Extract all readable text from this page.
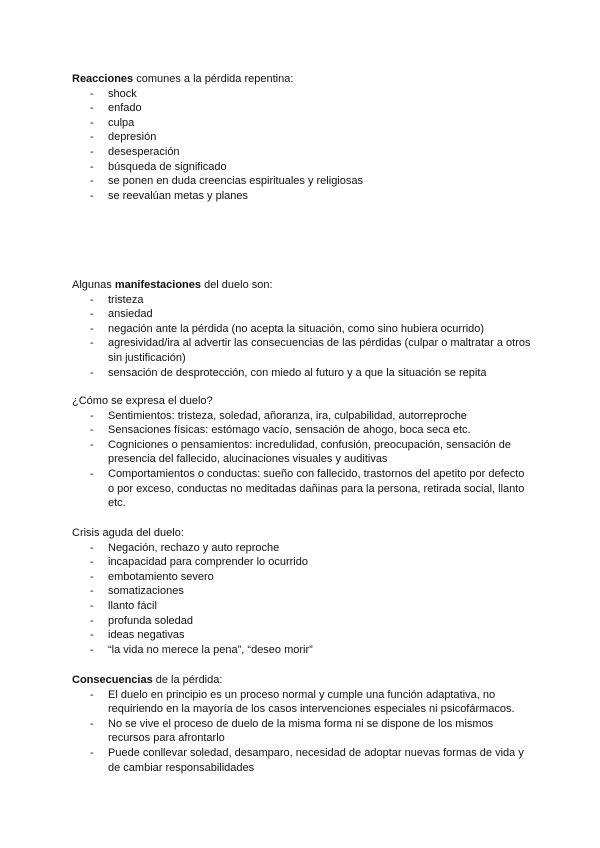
Reacciones comunes a la pérdida repentina:

- shock
- enfado
- culpa
- depresión
- desesperación
- búsqueda de significado
- se ponen en duda creencias espirituales y religiosas
- se reevalúan metas y planes

Algunas manifestaciones del duelo son:

- tristeza
- ansiedad
- negación ante la pérdida (no acepta la situación, como sino hubiera ocurrido)
- agresividad/ira al advertir las consecuencias de las pérdidas (culpar o maltratar a otros sin justificación)
- sensación de desprotección, con miedo al futuro y a que la situación se repita

¿Cómo se expresa el duelo?

- Sentimientos: tristeza, soledad, añoranza, ira, culpabilidad, autorreproche
- Sensaciones físicas: estómago vacío, sensación de ahogo, boca seca etc.
- Cogniciones o pensamientos: incredulidad, confusión, preocupación, sensación de presencia del fallecido, alucinaciones visuales y auditivas
- Comportamientos o conductas: sueño con fallecido, trastornos del apetito por defecto o por exceso, conductas no meditadas dañinas para la persona, retirada social, llanto etc.

Crisis aguda del duelo:

- Negación, rechazo y auto reproche
- incapacidad para comprender lo ocurrido
- embotamiento severo
- somatizaciones
- llanto fácil
- profunda soledad
- ideas negativas
- “la vida no merece la pena”, “deseo morir”

Consecuencias de la pérdida:

- El duelo en principio es un proceso normal y cumple una función adaptativa, no requiriendo en la mayoría de los casos intervenciones especiales ni psicofármacos.
- No se vive el proceso de duelo de la misma forma ni se dispone de los mismos recursos para afrontarlo
- Puede conllevar soledad, desamparo, necesidad de adoptar nuevas formas de vida y de cambiar responsabilidades
